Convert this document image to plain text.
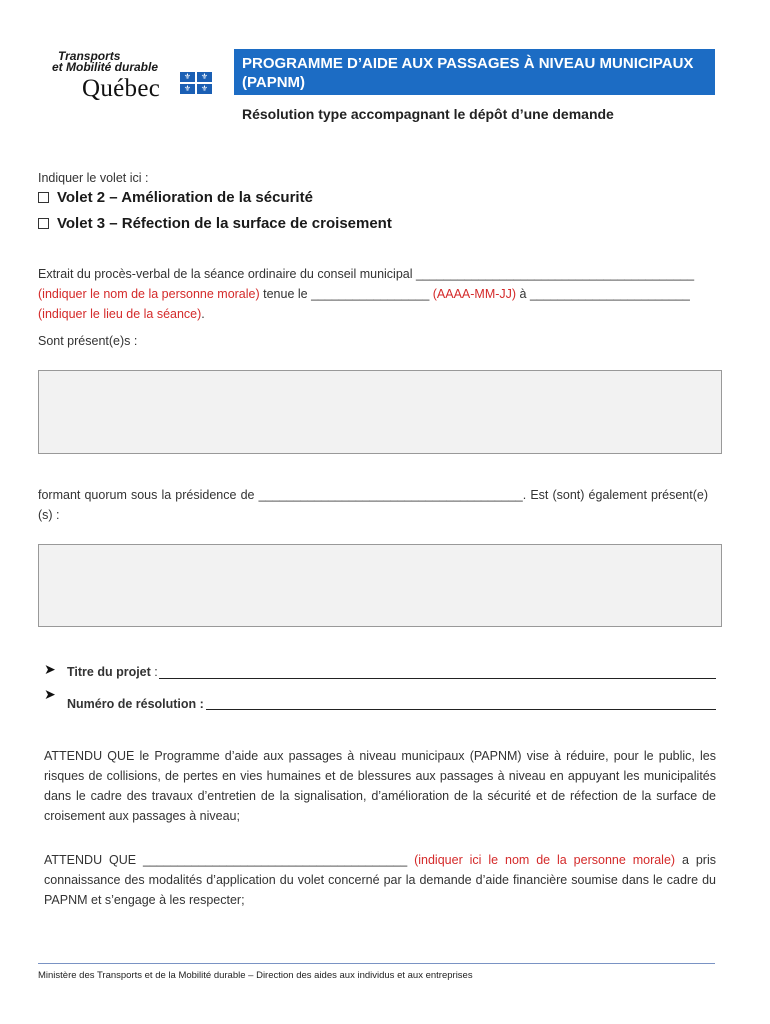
Transports
et Mobilité durable
Québec	⚜	⚜
⚜	⚜
PROGRAMME D’AIDE AUX PASSAGES À NIVEAU MUNICIPAUX (PAPNM)
Résolution type accompagnant le dépôt d’une demande
Indiquer le volet ici :
Volet 2 – Amélioration de la sécurité
Volet 3 – Réfection de la surface de croisement
Extrait du procès-verbal de la séance ordinaire du conseil municipal ________________________________________
(indiquer le nom de la personne morale) tenue le _________________ (AAAA-MM-JJ) à _______________________
(indiquer le lieu de la séance).
Sont présent(e)s :
formant quorum sous la présidence de ______________________________________. Est (sont) également présent(e)(s) :
➤ Titre du projet :
➤
Numéro de résolution :
ATTENDU QUE le Programme d’aide aux passages à niveau municipaux (PAPNM) vise à réduire, pour le public, les risques de collisions, de pertes en vies humaines et de blessures aux passages à niveau en appuyant les municipalités dans le cadre des travaux d’entretien de la signalisation, d’amélioration de la sécurité et de réfection de la surface de croisement aux passages à niveau;
ATTENDU QUE ______________________________________ (indiquer ici le nom de la personne morale) a pris connaissance des modalités d’application du volet concerné par la demande d’aide financière soumise dans le cadre du PAPNM et s’engage à les respecter;
Ministère des Transports et de la Mobilité durable – Direction des aides aux individus et aux entreprises
